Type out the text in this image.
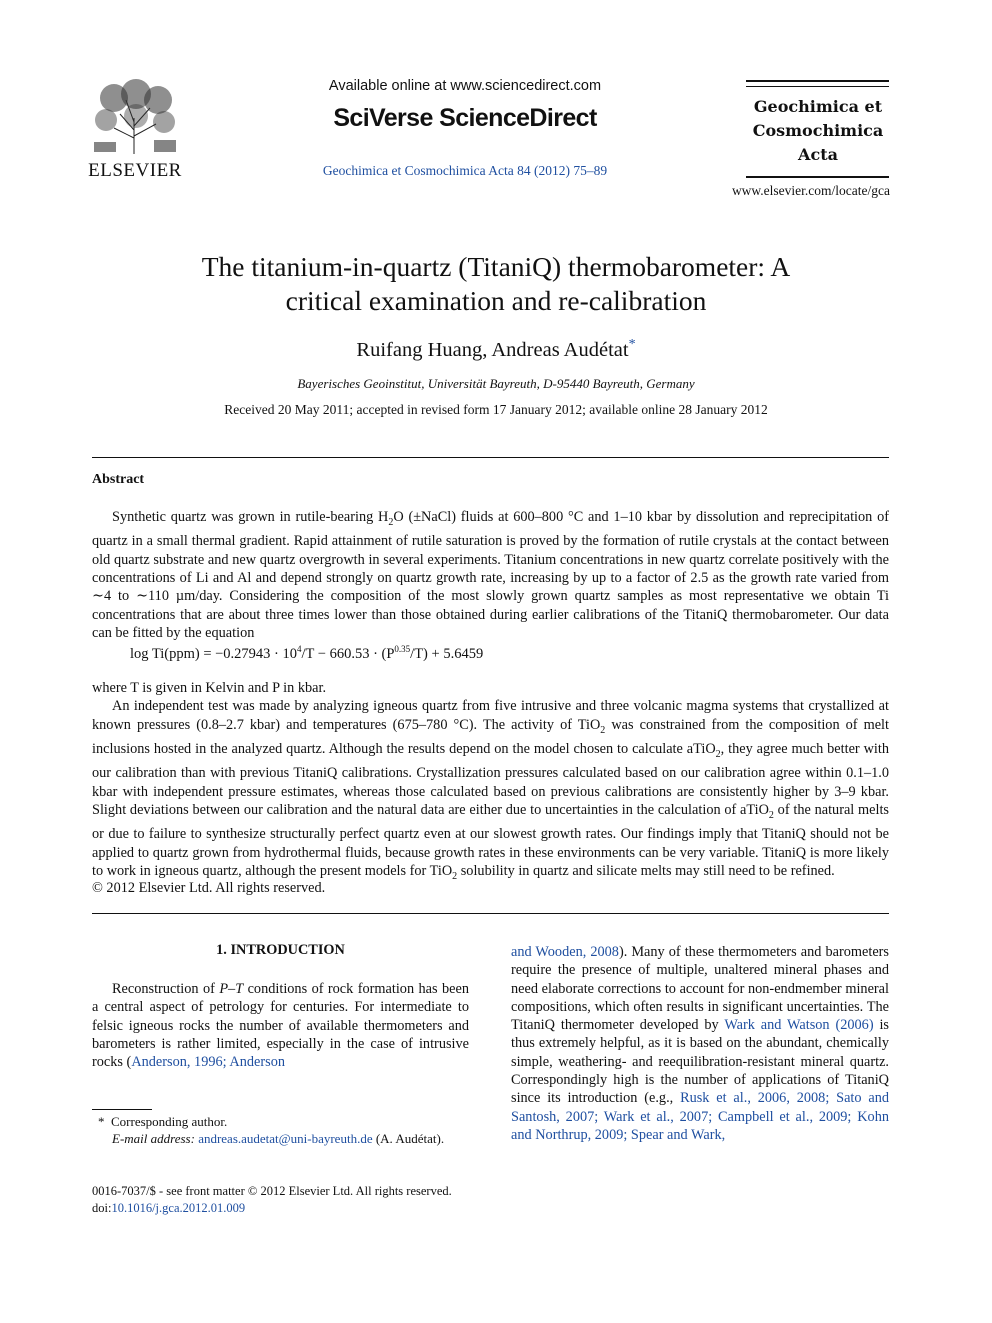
ELSEVIER
Available online at www.sciencedirect.com
SciVerse ScienceDirect
Geochimica et Cosmochimica Acta 84 (2012) 75–89
Geochimica et
Cosmochimica
Acta
www.elsevier.com/locate/gca
The titanium-in-quartz (TitaniQ) thermobarometer: A
critical examination and re-calibration
Ruifang Huang, Andreas Audétat*
Bayerisches Geoinstitut, Universität Bayreuth, D-95440 Bayreuth, Germany
Received 20 May 2011; accepted in revised form 17 January 2012; available online 28 January 2012
Abstract

Synthetic quartz was grown in rutile-bearing $H_2O$ (±NaCl) fluids at 600–800 °C and 1–10 kbar by dissolution and reprecipitation of quartz in a small thermal gradient. Rapid attainment of rutile saturation is proved by the formation of rutile crystals at the contact between old quartz substrate and new quartz overgrowth in several experiments. Titanium concentrations in new quartz correlate positively with the concentrations of Li and Al and depend strongly on quartz growth rate, increasing by up to a factor of 2.5 as the growth rate varied from ∼4 to ∼110 µm/day. Considering the composition of the most slowly grown quartz samples as most representative we obtain Ti concentrations that are about three times lower than those obtained during earlier calibrations of the TitaniQ thermobarometer. Our data can be fitted by the equation

$\log Ti(ppm) = -0.27943 \cdot 10^4/T - 660.53 \cdot (P^{0.35}/T) + 5.6459$

where T is given in Kelvin and P in kbar.

An independent test was made by analyzing igneous quartz from five intrusive and three volcanic magma systems that crystallized at known pressures (0.8–2.7 kbar) and temperatures (675–780 °C). The activity of TiO$_2$ was constrained from the composition of melt inclusions hosted in the analyzed quartz. Although the results depend on the model chosen to calculate aTiO$_2$, they agree much better with our calibration than with previous TitaniQ calibrations. Crystallization pressures calculated based on our calibration agree within 0.1–1.0 kbar with independent pressure estimates, whereas those calculated based on previous calibrations are consistently higher by 3–9 kbar. Slight deviations between our calibration and the natural data are either due to uncertainties in the calculation of aTiO$_2$ of the natural melts or due to failure to synthesize structurally perfect quartz even at our slowest growth rates. Our findings imply that TitaniQ should not be applied to quartz grown from hydrothermal fluids, because growth rates in these environments can be very variable. TitaniQ is more likely to work in igneous quartz, although the present models for TiO$_2$ solubility in quartz and silicate melts may still need to be refined.

© 2012 Elsevier Ltd. All rights reserved.
1. INTRODUCTION

Reconstruction of P–T conditions of rock formation has been a central aspect of petrology for centuries. For intermediate to felsic igneous rocks the number of available thermometers and barometers is rather limited, especially in the case of intrusive rocks (Anderson, 1996; Anderson

and Wooden, 2008). Many of these thermometers and barometers require the presence of multiple, unaltered mineral phases and need elaborate corrections to account for non-endmember mineral compositions, which often results in significant uncertainties. The TitaniQ thermometer developed by Wark and Watson (2006) is thus extremely helpful, as it is based on the abundant, chemically simple, weathering- and reequilibration-resistant mineral quartz. Correspondingly high is the number of applications of TitaniQ since its introduction (e.g., Rusk et al., 2006, 2008; Sato and Santosh, 2007; Wark et al., 2007; Campbell et al., 2009; Kohn and Northrup, 2009; Spear and Wark,

* Corresponding author.
E-mail address: andreas.audetat@uni-bayreuth.de (A. Audétat).
0016-7037/$ - see front matter © 2012 Elsevier Ltd. All rights reserved.
doi:10.1016/j.gca.2012.01.009
